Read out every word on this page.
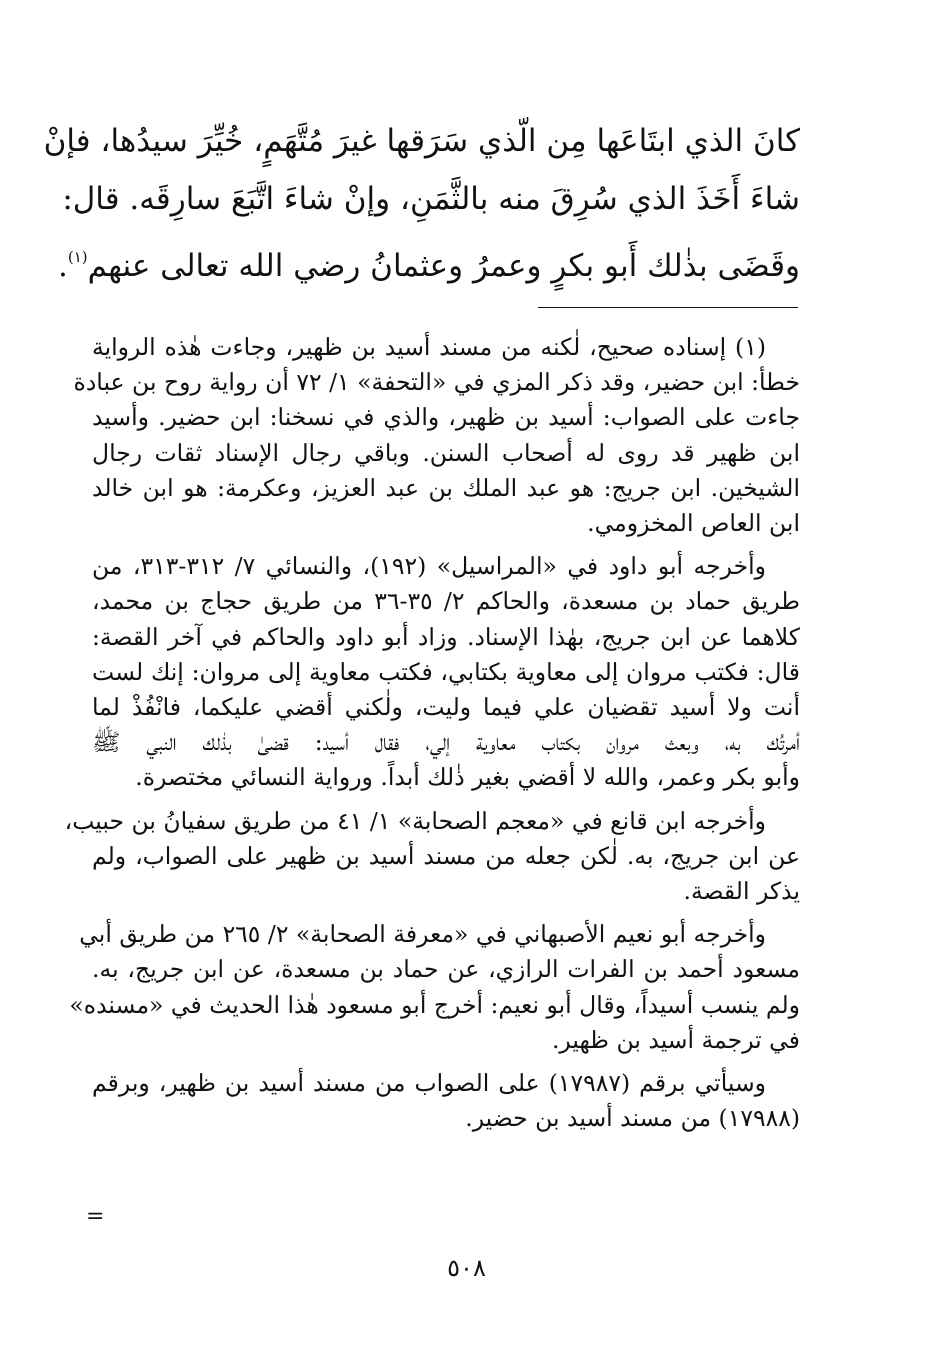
كانَ الذي ابتَاعَها مِن الّذي سَرَقها غيرَ مُتَّهَمٍ، خُيِّرَ سيدُها، فإنْ
شاءَ أَخَذَ الذي سُرِقَ منه بالثَّمَنِ، وإنْ شاءَ اتَّبَعَ سارِقَه. قال:
وقَضَى بذٰلك أَبو بكرٍ وعمرُ وعثمانُ رضي الله تعالى عنهم$^{(١)}$.
(١) إسناده صحيح، لٰكنه من مسند أسيد بن ظهير، وجاءت هٰذه الرواية
خطأ: ابن حضير، وقد ذكر المزي في «التحفة» ١/ ٧٢ أن رواية روح بن عبادة
جاءت على الصواب: أسيد بن ظهير، والذي في نسخنا: ابن حضير. وأسيد
ابن ظهير قد روى له أصحاب السنن. وباقي رجال الإسناد ثقات رجال
الشيخين. ابن جريج: هو عبد الملك بن عبد العزيز، وعكرمة: هو ابن خالد
ابن العاص المخزومي.
وأخرجه أبو داود في «المراسيل» (١٩٢)، والنسائي ٧/ ٣١٢-٣١٣، من
طريق حماد بن مسعدة، والحاكم ٢/ ٣٥-٣٦ من طريق حجاج بن محمد،
كلاهما عن ابن جريج، بهٰذا الإسناد. وزاد أبو داود والحاكم في آخر القصة:
قال: فكتب مروان إلى معاوية بكتابي، فكتب معاوية إلى مروان: إنك لست
أنت ولا أسيد تقضيان علي فيما وليت، ولٰكني أقضي عليكما، فانْفُذْ لما
أمرتُك به، وبعث مروان بكتاب معاوية إلي، فقال أسيد: قضىٰ بذٰلك النبي ﷺ
وأبو بكر وعمر، والله لا أقضي بغير ذٰلك أبداً. ورواية النسائي مختصرة.
وأخرجه ابن قانع في «معجم الصحابة» ١/ ٤١ من طريق سفيانُ بن حبيب،
عن ابن جريج، به. لٰكن جعله من مسند أسيد بن ظهير على الصواب، ولم
يذكر القصة.
وأخرجه أبو نعيم الأصبهاني في «معرفة الصحابة» ٢/ ٢٦٥ من طريق أبي
مسعود أحمد بن الفرات الرازي، عن حماد بن مسعدة، عن ابن جريج، به.
ولم ينسب أسيداً، وقال أبو نعيم: أخرج أبو مسعود هٰذا الحديث في «مسنده»
في ترجمة أسيد بن ظهير.
وسيأتي برقم (١٧٩٨٧) على الصواب من مسند أسيد بن ظهير، وبرقم
(١٧٩٨٨) من مسند أسيد بن حضير.
=
٥٠٨
